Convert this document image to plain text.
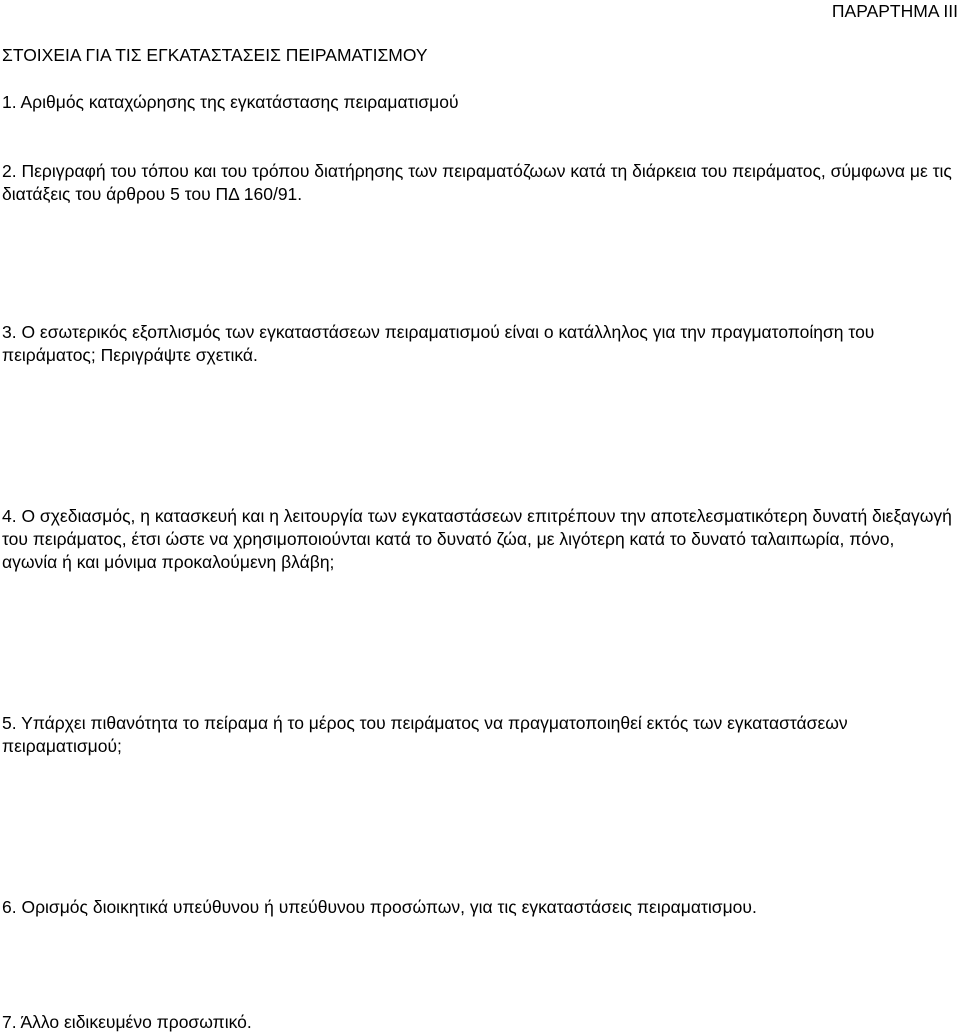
ΠΑΡΑΡΤΗΜΑ III
ΣΤΟΙΧΕΙΑ ΓΙΑ ΤΙΣ ΕΓΚΑΤΑΣΤΑΣΕΙΣ ΠΕΙΡΑΜΑΤΙΣΜΟΥ

1. Αριθμός καταχώρησης της εγκατάστασης πειραματισμού

2. Περιγραφή του τόπου και του τρόπου διατήρησης των πειραματόζωων κατά τη διάρκεια του πειράματος, σύμφωνα με τις διατάξεις του άρθρου 5 του ΠΔ 160/91.

3. Ο εσωτερικός εξοπλισμός των εγκαταστάσεων πειραματισμού είναι ο κατάλληλος για την πραγματοποίηση του πειράματος; Περιγράψτε σχετικά.

4. Ο σχεδιασμός, η κατασκευή και η λειτουργία των εγκαταστάσεων επιτρέπουν την αποτελεσματικότερη δυνατή διεξαγωγή του πειράματος, έτσι ώστε να χρησιμοποιούνται κατά το δυνατό ζώα, με λιγότερη κατά το δυνατό ταλαιπωρία, πόνο, αγωνία ή και μόνιμα προκαλούμενη βλάβη;

5. Υπάρχει πιθανότητα το πείραμα ή το μέρος του πειράματος να πραγματοποιηθεί εκτός των εγκαταστάσεων πειραματισμού;

6. Ορισμός διοικητικά υπεύθυνου ή υπεύθυνου προσώπων, για τις εγκαταστάσεις πειραματισμου.

7. Άλλο ειδικευμένο προσωπικό.
